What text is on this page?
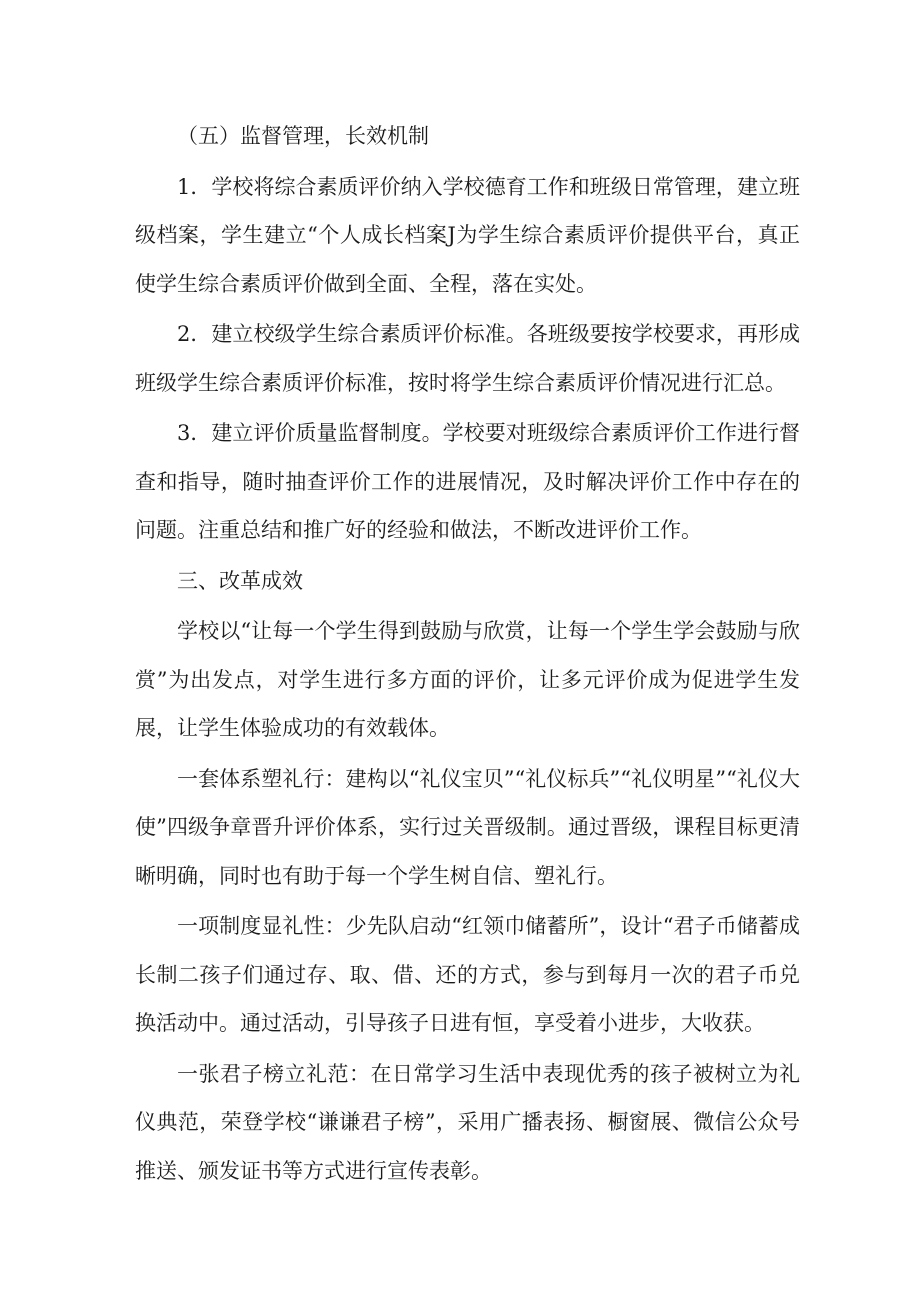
（五）监督管理，长效机制

1．学校将综合素质评价纳入学校德育工作和班级日常管理，建立班级档案，学生建立“个人成长档案J为学生综合素质评价提供平台，真正使学生综合素质评价做到全面、全程，落在实处。

2．建立校级学生综合素质评价标准。各班级要按学校要求，再形成班级学生综合素质评价标准，按时将学生综合素质评价情况进行汇总。

3．建立评价质量监督制度。学校要对班级综合素质评价工作进行督查和指导，随时抽查评价工作的进展情况，及时解决评价工作中存在的问题。注重总结和推广好的经验和做法，不断改进评价工作。

三、改革成效

学校以“让每一个学生得到鼓励与欣赏，让每一个学生学会鼓励与欣赏”为出发点，对学生进行多方面的评价，让多元评价成为促进学生发展，让学生体验成功的有效载体。

一套体系塑礼行：建构以“礼仪宝贝”“礼仪标兵”“礼仪明星”“礼仪大使”四级争章晋升评价体系，实行过关晋级制。通过晋级，课程目标更清晰明确，同时也有助于每一个学生树自信、塑礼行。

一项制度显礼性：少先队启动“红领巾储蓄所”，设计“君子币储蓄成长制二孩子们通过存、取、借、还的方式，参与到每月一次的君子币兑换活动中。通过活动，引导孩子日进有恒，享受着小进步，大收获。

一张君子榜立礼范：在日常学习生活中表现优秀的孩子被树立为礼仪典范，荣登学校“谦谦君子榜”，采用广播表扬、橱窗展、微信公众号推送、颁发证书等方式进行宣传表彰。
